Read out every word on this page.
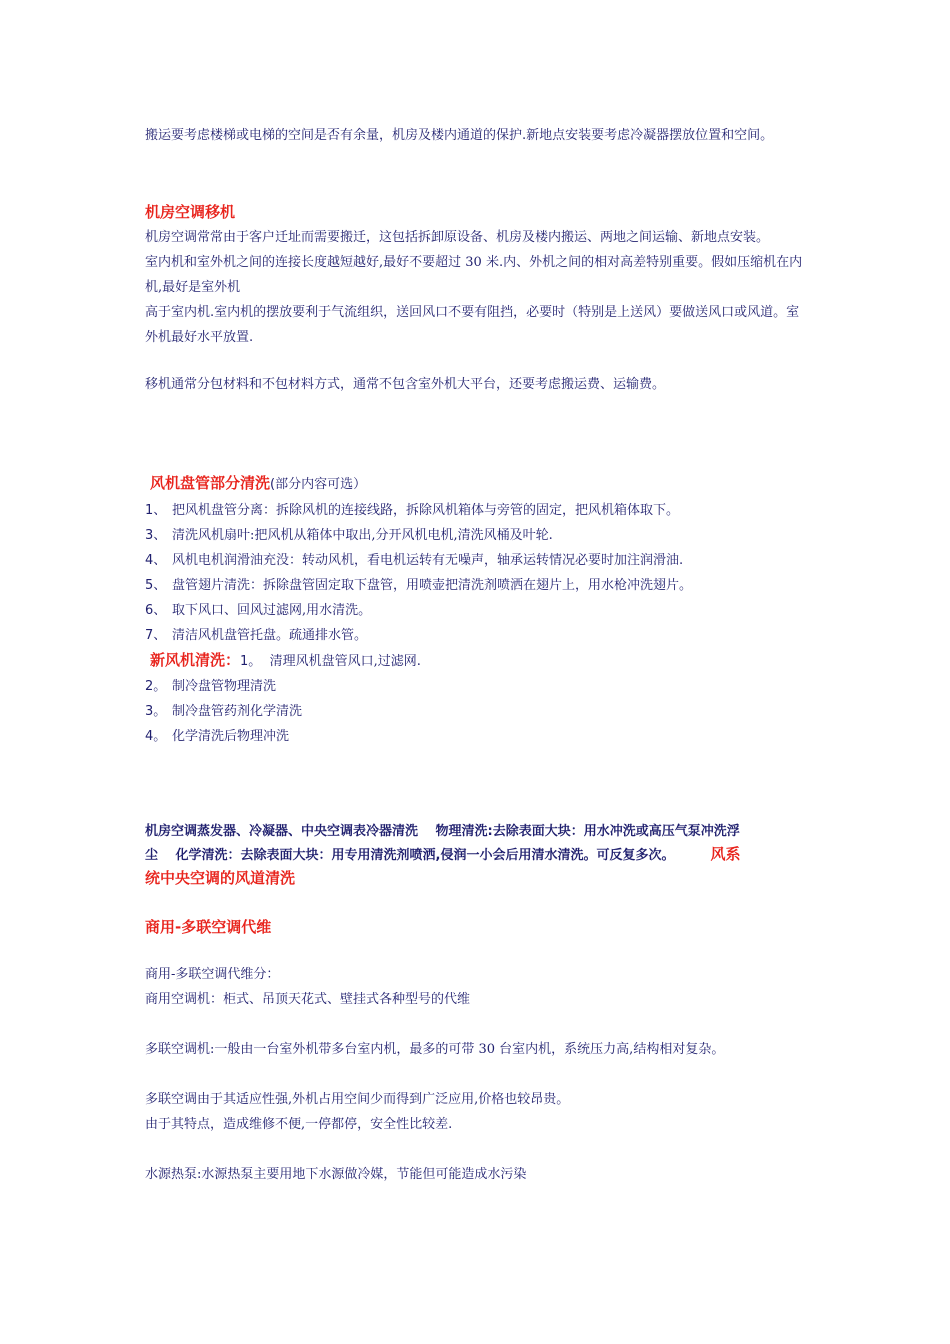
搬运要考虑楼梯或电梯的空间是否有余量，机房及楼内通道的保护.新地点安装要考虑冷凝器摆放位置和空间。

机房空调移机

机房空调常常由于客户迁址而需要搬迁，这包括拆卸原设备、机房及楼内搬运、两地之间运输、新地点安装。

室内机和室外机之间的连接长度越短越好,最好不要超过 30 米.内、外机之间的相对高差特别重要。假如压缩机在内机,最好是室外机

高于室内机.室内机的摆放要利于气流组织，送回风口不要有阻挡，必要时（特别是上送风）要做送风口或风道。室外机最好水平放置.

移机通常分包材料和不包材料方式，通常不包含室外机大平台，还要考虑搬运费、运输费。

风机盘管部分清洗(部分内容可选）

1、 把风机盘管分离：拆除风机的连接线路，拆除风机箱体与旁管的固定，把风机箱体取下。

3、 清洗风机扇叶:把风机从箱体中取出,分开风机电机,清洗风桶及叶轮.

4、 风机电机润滑油充没：转动风机，看电机运转有无噪声，轴承运转情况必要时加注润滑油.

5、 盘管翅片清洗：拆除盘管固定取下盘管，用喷壶把清洗剂喷洒在翅片上，用水枪冲洗翅片。

6、 取下风口、回风过滤网,用水清洗。

7、 清洁风机盘管托盘。疏通排水管。

新风机清洗：1。 清理风机盘管风口,过滤网.

2。 制冷盘管物理清洗

3。 制冷盘管药剂化学清洗

4。 化学清洗后物理冲洗

机房空调蒸发器、冷凝器、中央空调表冷器清洗　 物理清洗:去除表面大块：用水冲洗或高压气泵冲洗浮

尘　 化学清洗：去除表面大块：用专用清洗剂喷洒,侵润一小会后用清水清洗。可反复多次。 风系

统中央空调的风道清洗

商用-多联空调代维

商用-多联空调代维分：

商用空调机：柜式、吊顶天花式、壁挂式各种型号的代维

多联空调机:一般由一台室外机带多台室内机，最多的可带 30 台室内机，系统压力高,结构相对复杂。

多联空调由于其适应性强,外机占用空间少而得到广泛应用,价格也较昂贵。

由于其特点，造成维修不便,一停都停，安全性比较差.

水源热泵:水源热泵主要用地下水源做冷媒，节能但可能造成水污染
